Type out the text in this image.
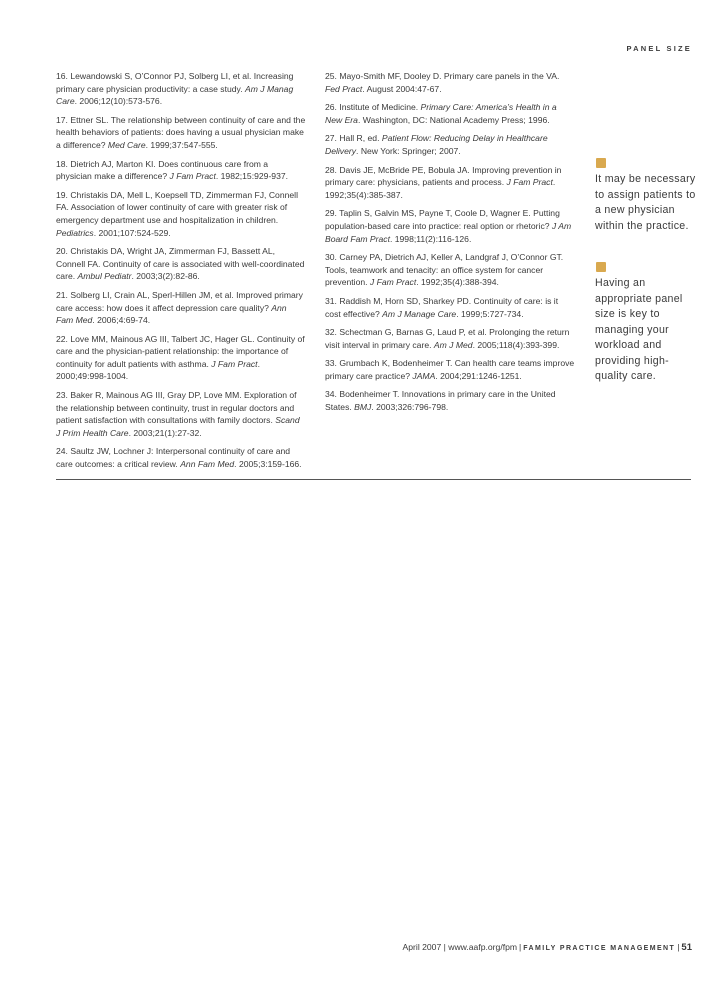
PANEL SIZE

16. Lewandowski S, O’Connor PJ, Solberg LI, et al. Increasing primary care physician productivity: a case study. Am J Manag Care. 2006;12(10):573-576.

17. Ettner SL. The relationship between continuity of care and the health behaviors of patients: does having a usual physician make a difference? Med Care. 1999;37:547-555.

18. Dietrich AJ, Marton KI. Does continuous care from a physician make a difference? J Fam Pract. 1982;15:929-937.

19. Christakis DA, Mell L, Koepsell TD, Zimmerman FJ, Connell FA. Association of lower continuity of care with greater risk of emergency department use and hospitalization in children. Pediatrics. 2001;107:524-529.

20. Christakis DA, Wright JA, Zimmerman FJ, Bassett AL, Connell FA. Continuity of care is associated with well-coordinated care. Ambul Pediatr. 2003;3(2):82-86.

21. Solberg LI, Crain AL, Sperl-Hillen JM, et al. Improved primary care access: how does it affect depression care quality? Ann Fam Med. 2006;4:69-74.

22. Love MM, Mainous AG III, Talbert JC, Hager GL. Continuity of care and the physician-patient relationship: the importance of continuity for adult patients with asthma. J Fam Pract. 2000;49:998-1004.

23. Baker R, Mainous AG III, Gray DP, Love MM. Exploration of the relationship between continuity, trust in regular doctors and patient satisfaction with consultations with family doctors. Scand J Prim Health Care. 2003;21(1):27-32.

24. Saultz JW, Lochner J: Interpersonal continuity of care and care outcomes: a critical review. Ann Fam Med. 2005;3:159-166.

25. Mayo-Smith MF, Dooley D. Primary care panels in the VA. Fed Pract. August 2004:47-67.

26. Institute of Medicine. Primary Care: America’s Health in a New Era. Washington, DC: National Academy Press; 1996.

27. Hall R, ed. Patient Flow: Reducing Delay in Healthcare Delivery. New York: Springer; 2007.

28. Davis JE, McBride PE, Bobula JA. Improving prevention in primary care: physicians, patients and process. J Fam Pract. 1992;35(4):385-387.

29. Taplin S, Galvin MS, Payne T, Coole D, Wagner E. Putting population-based care into practice: real option or rhetoric? J Am Board Fam Pract. 1998;11(2):116-126.

30. Carney PA, Dietrich AJ, Keller A, Landgraf J, O’Connor GT. Tools, teamwork and tenacity: an office system for cancer prevention. J Fam Pract. 1992;35(4):388-394.

31. Raddish M, Horn SD, Sharkey PD. Continuity of care: is it cost effective? Am J Manage Care. 1999;5:727-734.

32. Schectman G, Barnas G, Laud P, et al. Prolonging the return visit interval in primary care. Am J Med. 2005;118(4):393-399.

33. Grumbach K, Bodenheimer T. Can health care teams improve primary care practice? JAMA. 2004;291:1246-1251.

34. Bodenheimer T. Innovations in primary care in the United States. BMJ. 2003;326:796-798.

It may be necessary to assign patients to a new physician within the practice.
Having an appropriate panel size is key to managing your workload and providing high-quality care.
April 2007 | www.aafp.org/fpm | FAMILY PRACTICE MANAGEMENT | 51
